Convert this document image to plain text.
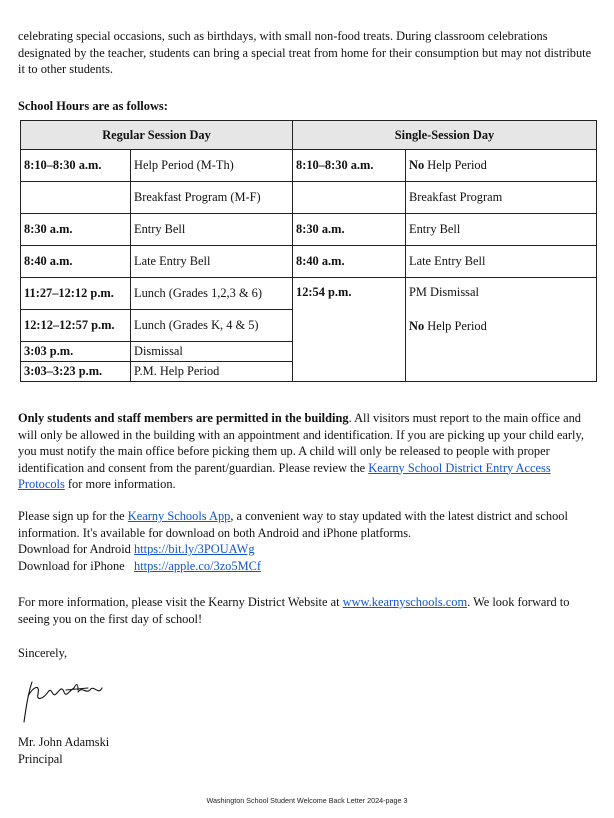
celebrating special occasions, such as birthdays, with small non-food treats. During classroom celebrations designated by the teacher, students can bring a special treat from home for their consumption but may not distribute it to other students.

School Hours are as follows:

Regular Session Day		Single-Session Day	
8:10–8:30 a.m.	Help Period (M-Th)	8:10–8:30 a.m.	No Help Period
	Breakfast Program (M-F)		Breakfast Program
8:30 a.m.	Entry Bell	8:30 a.m.	Entry Bell
8:40 a.m.	Late Entry Bell	8:40 a.m.	Late Entry Bell
11:27–12:12 p.m.	Lunch (Grades 1,2,3 & 6)	12:54 p.m.	PM Dismissal
No Help Period

12:12–12:57 p.m.	Lunch (Grades K, 4 & 5)		
3:03 p.m.	Dismissal		
3:03–3:23 p.m.	P.M. Help Period		

Only students and staff members are permitted in the building. All visitors must report to the main office and will only be allowed in the building with an appointment and identification. If you are picking up your child early, you must notify the main office before picking them up. A child will only be released to people with proper identification and consent from the parent/guardian. Please review the Kearny School District Entry Access Protocols for more information.

Please sign up for the Kearny Schools App, a convenient way to stay updated with the latest district and school information. It's available for download on both Android and iPhone platforms.

Download for Android https://bit.ly/3POUAWg
Download for iPhone https://apple.co/3zo5MCf

For more information, please visit the Kearny District Website at www.kearnyschools.com. We look forward to seeing you on the first day of school!

Sincerely,

Mr. John Adamski
Principal
Washington School Student Welcome Back Letter 2024-page 3
